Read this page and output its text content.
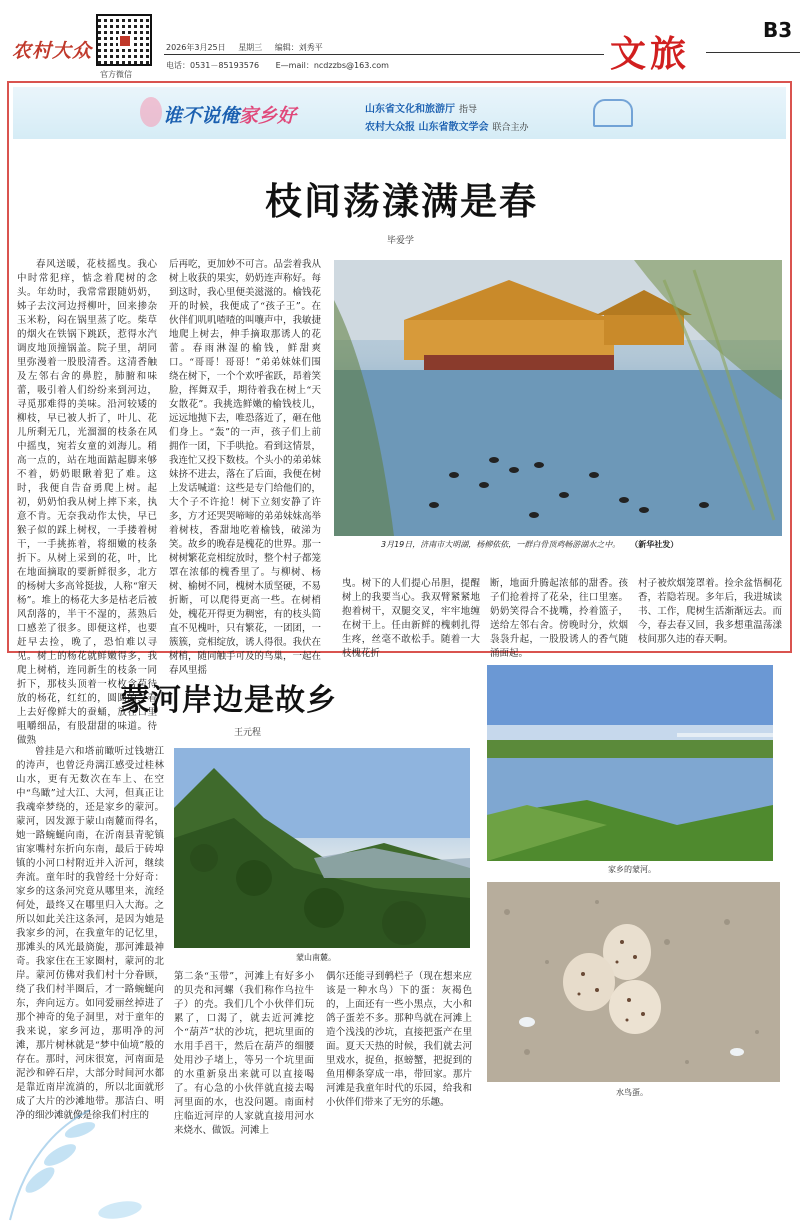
农村大众
官方微信
2026年3月25日 星期三 编辑：刘秀平
电话：0531－85193576 E—mail：ncdzzbs@163.com	文旅
B3
谁不说俺家乡好	山东省文化和旅游厅 指导
农村大众报 山东省散文学会 联合主办
枝间荡漾满是春
毕爱学

春风送暖，花枝摇曳。我心中时常犯痒，惦念着爬树的念头。年幼时，我常常跟随奶奶，姊子去汶河边捋柳叶，回来掺杂玉米粉，闷在锅里蒸了吃。柴草的烟火在铁锅下跳跃，惹得水汽调皮地顶撞锅盖。院子里，胡同里弥漫着一股股清香。这清香触及左邻右舍的鼻腔，肺腑和味蕾，吸引着人们纷纷来到河边，寻觅那难得的美味。沿河较矮的柳枝，早已被人折了，叶儿、花儿所剩无几，光溜溜的枝条在风中摇曳，宛若女童的刘海儿。稍高一点的，站在地面踮起脚来够不着，奶奶眼瞅着犯了难。这时，我便自告奋勇爬上树。起初，奶奶怕我从树上摔下来，执意不肯。无奈我动作太快，早已猴子似的踩上树杈，一手搂着树干，一手挑拣着，将细嫩的枝条折下。从树上采到的花，叶，比在地面摘取的要新鲜很多，北方的杨树大多高耸挺拔，人称“窜天杨”。堆上的杨花大多是枯老后被风刮落的，半干不湿的，蒸熟后口感差了很多。即便这样，也要赶早去捡，晚了，恐怕难以寻见。树上的杨花就鲜嫩得多，我爬上树梢，连同新生的枝条一同折下，那枝头顶着一枚枚含苞待放的杨花，红红的，圆圆的，看上去好像鲜大的蚕蛹，放在口里咀嚼细品，有股甜甜的味道。待做熟

后再吃，更加妙不可言。品尝着我从树上收获的果实，奶奶连声称好。每到这时，我心里便美滋滋的。榆钱花开的时候，我便成了“孩子王”。在伙伴们叽叽喳喳的叫嚷声中，我敏捷地爬上树去，伸手摘取那诱人的花蕾。春雨淋湿的榆钱，鲜甜爽口。“哥哥！哥哥！”弟弟妹妹们围绕在树下，一个个欢呼雀跃，昂着笑脸，挥舞双手，期待着我在树上“天女散花”。我挑选鲜嫩的榆钱枝儿，远远地抛下去，唯恐落近了，砸在他们身上。“轰”的一声，孩子们上前拥作一团，下手哄抢。看到这情景，我连忙又投下数枝。个头小的弟弟妹妹挤不进去，落在了后面，我便在树上发话喊道：这些是专门给他们的，大个子不许抢！树下立刻安静了许多，方才还哭哭啼啼的弟弟妹妹高举着树枝，香甜地吃着榆钱，破涕为笑。故乡的晚春是槐花的世界。那一树树繁花竞相绽放时，整个村子都笼罩在浓郁的槐香里了。与柳树、杨树、榆树不同，槐树木质坚硬，不易折断，可以爬得更高一些。在树梢处，槐花开得更为稠密，有的枝头简直不见槐叶，只有繁花，一团团，一簇簇，竞相绽放，诱人得很。我伏在树梢，随同触手可及的鸟巢，一起在春风里摇

3月19日，济南市大明湖，杨柳依依，一群白骨顶鸡畅游湖水之中。 （新华社发）

曳。树下的人们提心吊胆，提醒树上的我要当心。我双臂紧紧地抱着树干，双腿交叉，牢牢地缠在树干上。任由新鲜的槐刺扎得生疼，丝毫不敢松手。随着一大枝槐花折

断，地面升腾起浓郁的甜香。孩子们抢着捋了花朵，往口里塞。奶奶笑得合不拢嘴，拎着篮子，送给左邻右舍。傍晚时分，炊烟袅袅升起，一股股诱人的香气随涌面起。

村子被炊烟笼罩着。捡余盆悟桐花香，若隐若现。多年后，我进城读书、工作，爬树生活渐渐远去。而今，春去春又回，我多想重温荡漾枝间那久违的春天啊。

蒙河岸边是故乡
王元程

曾挂是六和塔前瞰听过钱塘江的涛声，也曾泛舟漓江感受过桂林山水，更有无数次在车上、在空中“鸟瞰”过大江、大河，但真正让我魂牵梦绕的，还是家乡的蒙河。蒙河，因发源于蒙山南麓而得名，她一路蜿蜒向南，在沂南县青驼镇宙家嘴村东折向东南，最后于砖埠镇的小河口村附近并入沂河，继续奔流。童年时的我曾经十分好奇：家乡的这条河究竟从哪里来，流经何处，最终又在哪里归入大海。之所以如此关注这条河，是因为她是我家乡的河，在我童年的记忆里，那滩头的风光最旖旎，那河滩最神奇。我家住在王家圈村，蒙河的北岸。蒙河仿佛对我们村十分眷顾，绕了我们村半圈后，才一路蜿蜒向东，奔向远方。如同爱丽丝掉进了那个神奇的兔子洞里，对于童年的我来说，家乡河边，那明净的河滩，那片树林就是“梦中仙境”般的存在。那时，河床很宽，河南面是泥沙和碎石岸，大部分时间河水都是靠近南岸流淌的，所以北面就形成了大片的沙滩地带。那洁白、明净的细沙滩就像是徐我们村庄的

蒙山南麓。

第二条“玉带”，河滩上有好多小的贝壳和河螺（我们称作乌拉牛子）的壳。我们几个小伙伴们玩累了，口渴了，就去近河滩挖个“葫芦”状的沙坑，把坑里面的水用手舀干，然后在葫芦的细腰处用沙子堵上，等另一个坑里面的水重新泉出来就可以直接喝了。有心急的小伙伴就直接去喝河里面的水，也没问题。南面村庄临近河岸的人家就直接用河水来烧水、做饭。河滩上

偶尔还能寻到鹌栏子（现在想来应该是一种水鸟）下的蛋：灰褐色的，上面还有一些小黑点，大小和鸽子蛋差不多。那种鸟就在河滩上造个浅浅的沙坑，直接把蛋产在里面。夏天天热的时候，我们就去河里戏水，捉鱼，抠螃蟹，把捉到的鱼用柳条穿成一串，带回家。那片河滩是我童年时代的乐园，给我和小伙伴们带来了无穷的乐趣。

家乡的蒙河。
水鸟蛋。
